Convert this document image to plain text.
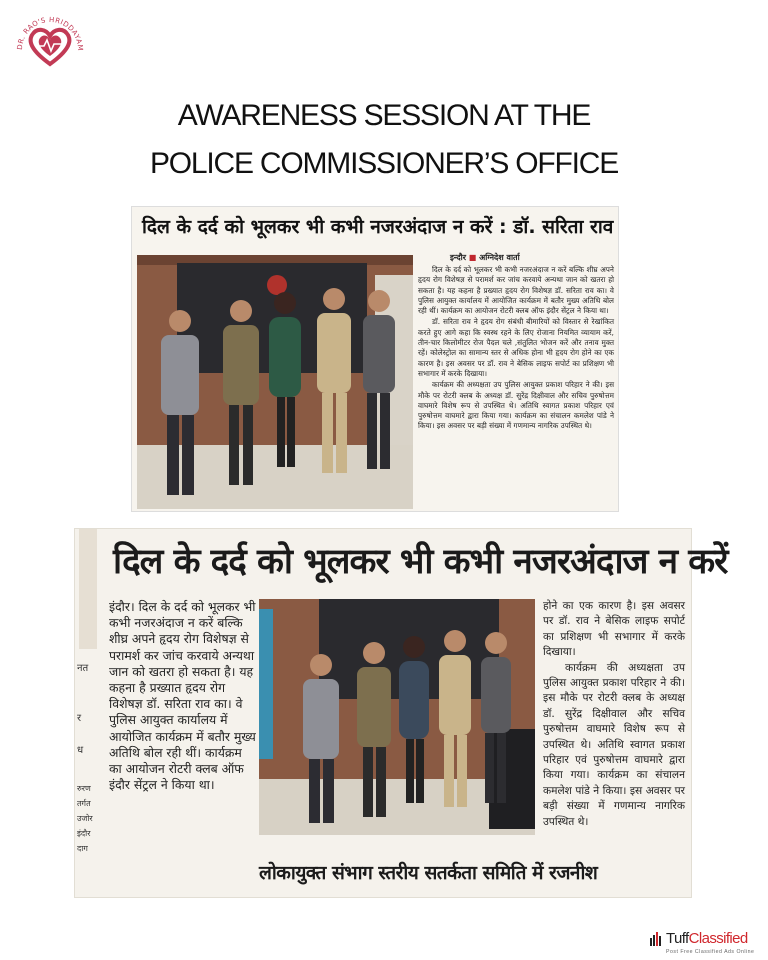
DR. RAO'S HRIDDAYAM
AWARENESS SESSION AT THE
POLICE COMMISSIONER’S OFFICE
दिल के दर्द को भूलकर भी कभी नजरअंदाज न करें : डॉ. सरिता राव
इन्दौर ■ अग्निदेश वार्ता

दिल के दर्द को भूलकर भी कभी नजरअंदाज न करें बल्कि शीघ्र अपने हृदय रोग विशेषज्ञ से परामर्श कर जांच करवाये अन्यथा जान को खतरा हो सकता है। यह कहना है प्रख्यात हृदय रोग विशेषज्ञ डॉ. सरिता राव का। वे पुलिस आयुक्त कार्यालय में आयोजित कार्यक्रम में बतौर मुख्य अतिथि बोल रही थीं। कार्यक्रम का आयोजन रोटरी क्लब ऑफ इंदौर सेंट्रल ने किया था।

डॉ. सरिता राव ने हृदय रोग संबंधी बीमारियों को विस्तार से रेखांकित करते हुए आगे कहा कि स्वस्थ रहने के लिए रोजाना नियमित व्यायाम करें, तीन-चार किलोमीटर रोज पैदल चले ,संतुलित भोजन करें और तनाव मुक्त रहें। कोलेस्ट्रोल का सामान्य स्तर से अधिक होना भी हृदय रोग होने का एक कारण है। इस अवसर पर डॉ. राव ने बेसिक लाइफ सपोर्ट का प्रशिक्षण भी सभागार में करके दिखाया।

कार्यक्रम की अध्यक्षता उप पुलिस आयुक्त प्रकाश परिहार ने की। इस मौके पर रोटरी क्लब के अध्यक्ष डॉ. सुरेंद्र दिक्षीवाल और सचिव पुरुषोत्तम वाघमारे विशेष रूप से उपस्थित थे। अतिथि स्वागत प्रकाश परिहार एवं पुरुषोत्तम वाघमारे द्वारा किया गया। कार्यक्रम का संचालन कमलेश पांडे ने किया। इस अवसर पर बड़ी संख्या में गणमान्य नागरिक उपस्थित थे।

दिल के दर्द को भूलकर भी कभी नजरअंदाज न करें
नत
र
ध
रुरण
तर्गत
उजोर
इंदौर
दाग
इंदौर। दिल के दर्द को भूलकर भी कभी नजरअंदाज न करें बल्कि शीघ्र अपने हृदय रोग विशेषज्ञ से परामर्श कर जांच करवाये अन्यथा जान को खतरा हो सकता है। यह कहना है प्रख्यात हृदय रोग विशेषज्ञ डॉ. सरिता राव का। वे पुलिस आयुक्त कार्यालय में आयोजित कार्यक्रम में बतौर मुख्य अतिथि बोल रही थीं। कार्यक्रम का आयोजन रोटरी क्लब ऑफ इंदौर सेंट्रल ने किया था।

होने का एक कारण है। इस अवसर पर डॉ. राव ने बेसिक लाइफ सपोर्ट का प्रशिक्षण भी सभागार में करके दिखाया।

कार्यक्रम की अध्यक्षता उप पुलिस आयुक्त प्रकाश परिहार ने की। इस मौके पर रोटरी क्लब के अध्यक्ष डॉ. सुरेंद्र दिक्षीवाल और सचिव पुरुषोत्तम वाघमारे विशेष रूप से उपस्थित थे। अतिथि स्वागत प्रकाश परिहार एवं पुरुषोत्तम वाघमारे द्वारा किया गया। कार्यक्रम का संचालन कमलेश पांडे ने किया। इस अवसर पर बड़ी संख्या में गणमान्य नागरिक उपस्थित थे।

लोकायुक्त संभाग स्तरीय सतर्कता समिति में रजनीश
TuffClassified
Post Free Classified Ads Online
